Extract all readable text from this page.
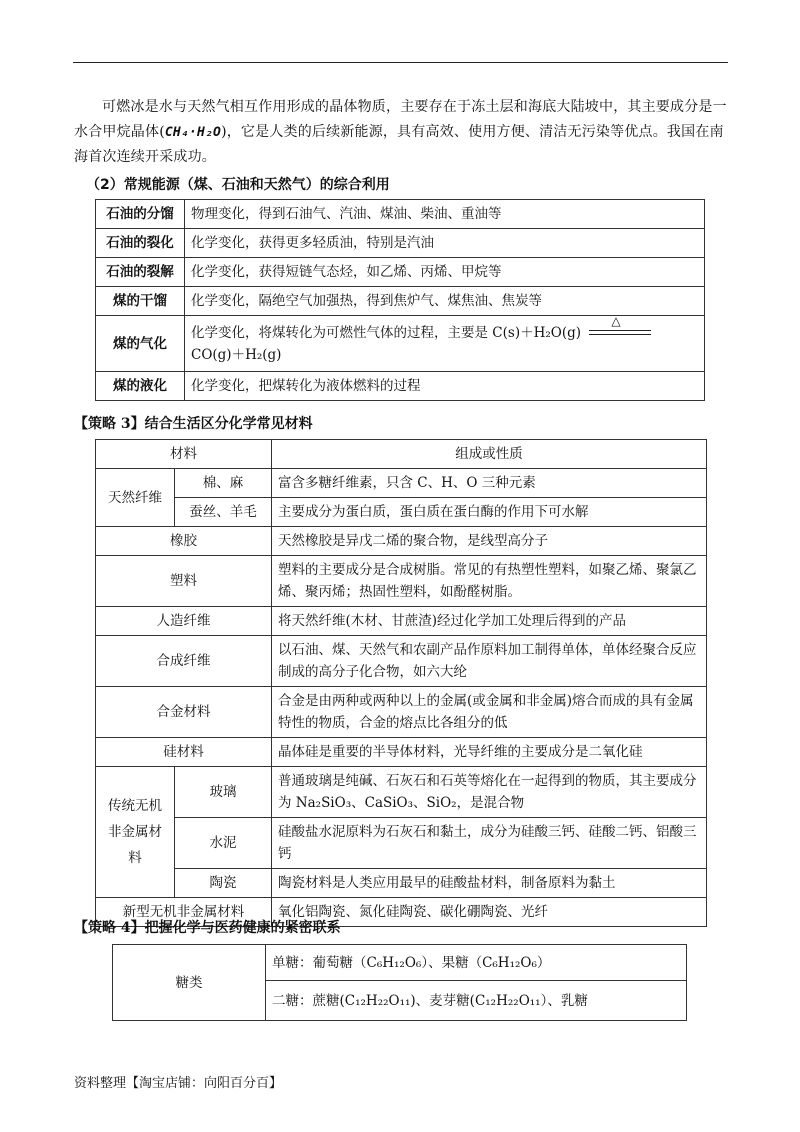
可燃冰是水与天然气相互作用形成的晶体物质，主要存在于冻土层和海底大陆坡中，其主要成分是一水合甲烷晶体(CH₄·H₂O)，它是人类的后续新能源，具有高效、使用方便、清洁无污染等优点。我国在南海首次连续开采成功。
（2）常规能源（煤、石油和天然气）的综合利用
石油的分馏	物理变化，得到石油气、汽油、煤油、柴油、重油等
石油的裂化	化学变化，获得更多轻质油，特别是汽油
石油的裂解	化学变化，获得短链气态烃，如乙烯、丙烯、甲烷等
煤的干馏	化学变化，隔绝空气加强热，得到焦炉气、煤焦油、焦炭等
煤的气化	化学变化，将煤转化为可燃性气体的过程，主要是 C(s)＋H₂O(g)
△
CO(g)＋H₂(g)
煤的液化	化学变化，把煤转化为液体燃料的过程
【策略 3】结合生活区分化学常见材料
材料		组成或性质
天然纤维	棉、麻	富含多糖纤维素，只含 C、H、O 三种元素
	蚕丝、羊毛	主要成分为蛋白质，蛋白质在蛋白酶的作用下可水解
橡胶		天然橡胶是异戊二烯的聚合物，是线型高分子
塑料		塑料的主要成分是合成树脂。常见的有热塑性塑料，如聚乙烯、聚氯乙烯、聚丙烯；热固性塑料，如酚醛树脂。
人造纤维		将天然纤维(木材、甘蔗渣)经过化学加工处理后得到的产品
合成纤维		以石油、煤、天然气和农副产品作原料加工制得单体，单体经聚合反应制成的高分子化合物，如六大纶
合金材料		合金是由两种或两种以上的金属(或金属和非金属)熔合而成的具有金属特性的物质，合金的熔点比各组分的低
硅材料		晶体硅是重要的半导体材料，光导纤维的主要成分是二氧化硅
传统无机非金属材料	玻璃	普通玻璃是纯碱、石灰石和石英等熔化在一起得到的物质，其主要成分为 Na₂SiO₃、CaSiO₃、SiO₂，是混合物
	水泥	硅酸盐水泥原料为石灰石和黏土，成分为硅酸三钙、硅酸二钙、铝酸三钙
	陶瓷	陶瓷材料是人类应用最早的硅酸盐材料，制备原料为黏土
新型无机非金属材料		氧化铝陶瓷、氮化硅陶瓷、碳化硼陶瓷、光纤
【策略 4】把握化学与医药健康的紧密联系
糖类	单糖：葡萄糖（C₆H₁₂O₆）、果糖（C₆H₁₂O₆）
二糖：蔗糖(C₁₂H₂₂O₁₁)、麦芽糖(C₁₂H₂₂O₁₁）、乳糖
资料整理【淘宝店铺：向阳百分百】
